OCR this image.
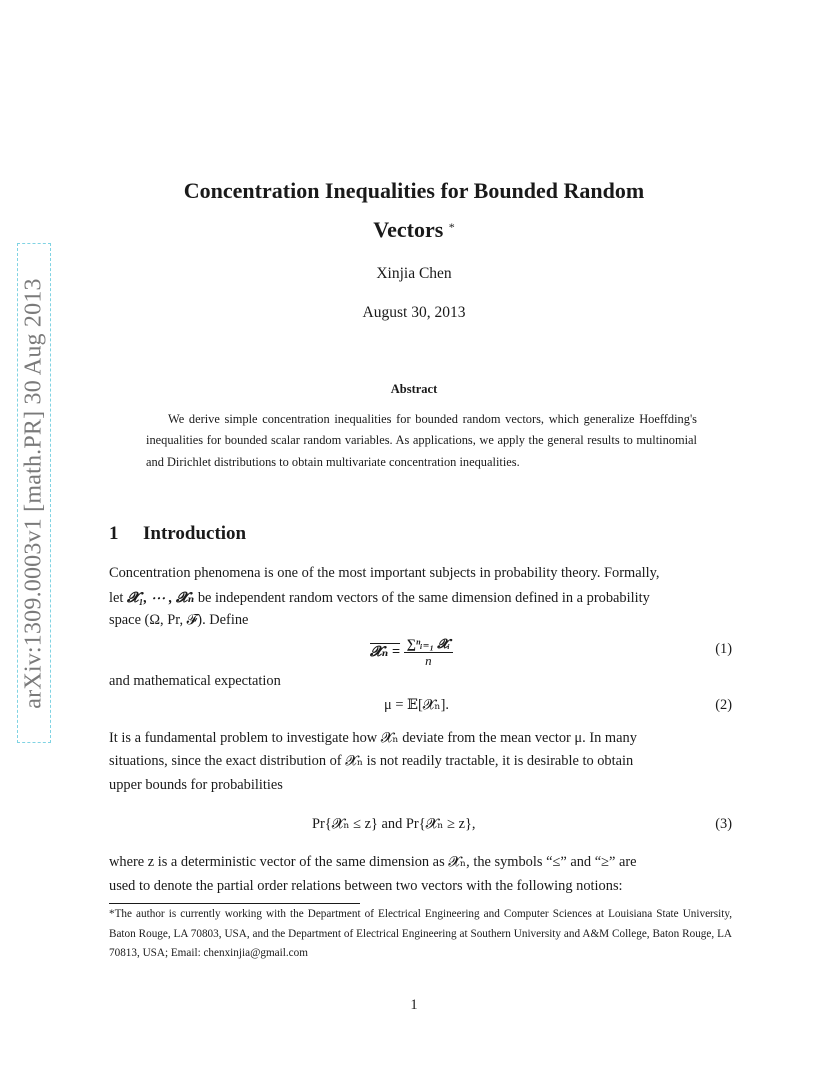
arXiv:1309.0003v1 [math.PR] 30 Aug 2013
Concentration Inequalities for Bounded Random
Vectors *
Xinjia Chen
August 30, 2013
Abstract
We derive simple concentration inequalities for bounded random vectors, which generalize Hoeffding's inequalities for bounded scalar random variables. As applications, we apply the general results to multinomial and Dirichlet distributions to obtain multivariate concentration inequalities.
1 Introduction
Concentration phenomena is one of the most important subjects in probability theory. Formally,
let 𝓧₁, ⋯ , 𝓧ₙ be independent random vectors of the same dimension defined in a probability
space (Ω, Pr, 𝓕). Define
𝓧ₙ = $\frac{\text{∑ⁿᵢ₌₁ 𝓧ᵢ}}{n}$	(1)
and mathematical expectation
μ = 𝔼[𝓧ₙ].	(2)
It is a fundamental problem to investigate how 𝓧ₙ deviate from the mean vector μ. In many
situations, since the exact distribution of 𝓧ₙ is not readily tractable, it is desirable to obtain
upper bounds for probabilities
Pr{𝓧ₙ ≤ z} and Pr{𝓧ₙ ≥ z},	(3)
where z is a deterministic vector of the same dimension as 𝓧ₙ, the symbols “≤” and “≥” are
used to denote the partial order relations between two vectors with the following notions:
*The author is currently working with the Department of Electrical Engineering and Computer Sciences at Louisiana State University, Baton Rouge, LA 70803, USA, and the Department of Electrical Engineering at Southern University and A&M College, Baton Rouge, LA 70813, USA; Email: chenxinjia@gmail.com
1
